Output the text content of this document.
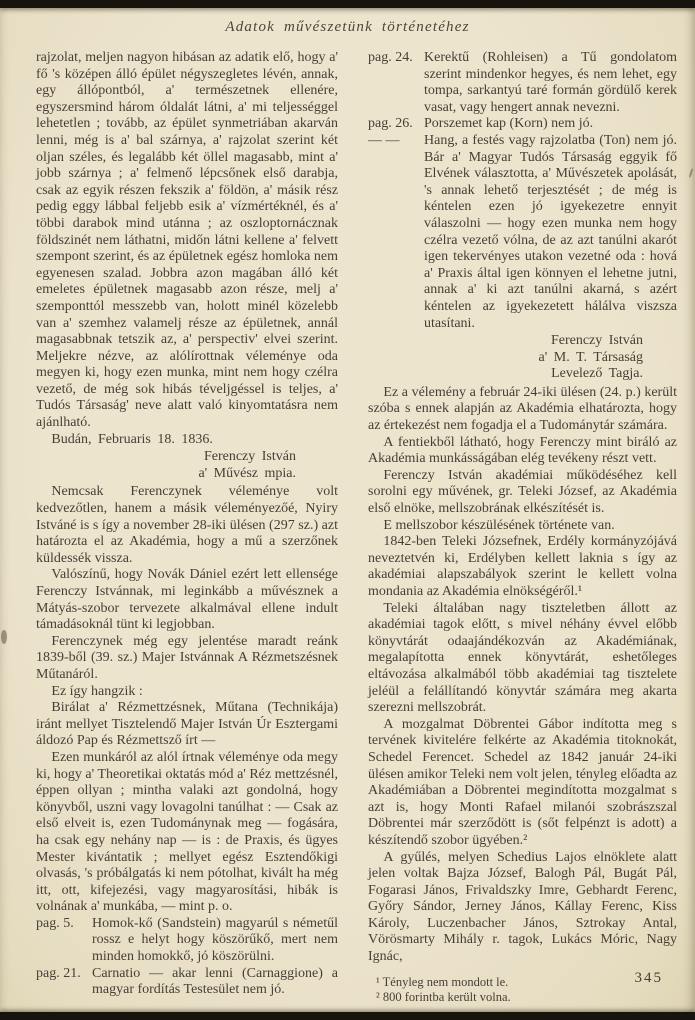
Adatok művészetünk történetéhez

rajzolat, meljen nagyon hibásan az adatik elő, hogy a' fő 's középen álló épület négyszegletes lévén, annak, egy állópontból, a' természetnek ellenére, egyszersmind három óldalát látni, a' mi teljességgel lehetetlen ; tovább, az épület synmetriában akarván lenni, még is a' bal szárnya, a' rajzolat szerint két oljan széles, és legalább két öllel magasabb, mint a' jobb szárnya ; a' felmenő lépcsőnek első darabja, csak az egyik részen fekszik a' földön, a' másik rész pedig eggy lábbal feljebb esik a' vízmértéknél, és a' többi darabok mind utánna ; az oszloptornácznak földszinét nem láthatni, midőn látni kellene a' felvett szempont szerint, és az épületnek egész homloka nem egyenesen szalad. Jobbra azon magában álló két emeletes épületnek magasabb azon része, melj a' szemponttól messzebb van, holott minél közelebb van a' szemhez valamelj része az épületnek, annál magasabbnak tetszik az, a' perspectiv' elvei szerint. Meljekre nézve, az alólírottnak véleménye oda megyen ki, hogy ezen munka, mint nem hogy czélra vezető, de még sok hibás téveljgéssel is teljes, a' Tudós Társaság' neve alatt való kinyomtatásra nem ajánlható.

Budán, Februaris 18. 1836.

Ferenczy István
a' Művész mpia.

Nemcsak Ferenczynek véleménye volt kedvezőtlen, hanem a másik véleményezőé, Nyiry Istváné is s így a november 28-iki ülésen (297 sz.) azt határozta el az Akadémia, hogy a mű a szerzőnek küldessék vissza.

Valószínű, hogy Novák Dániel ezért lett ellensége Ferenczy Istvánnak, mi leginkább a művésznek a Mátyás-szobor tervezete alkalmával ellene indult támadásoknál tünt ki legjobban.

Ferenczynek még egy jelentése maradt reánk 1839-ből (39. sz.) Majer Istvánnak A Rézmetszésnek Műtanáról.

Ez így hangzik :

Birálat a' Rézmettzésnek, Műtana (Technikája) iránt mellyet Tisztelendő Majer István Úr Esztergami áldozó Pap és Rézmettsző írt —

Ezen munkáról az alól írtnak véleménye oda megy ki, hogy a' Theoretikai oktatás mód a' Réz mettzésnél, éppen ollyan ; mintha valaki azt gondolná, hogy könyvből, uszni vagy lovagolni tanúlhat : — Csak az első elveit is, ezen Tudománynak meg — fogására, ha csak egy nehány nap — is : de Praxis, és ügyes Mester kivántatik ; mellyet egész Esztendőkigi olvasás, 's próbálgatás ki nem pótolhat, kivált ha még itt, ott, kifejezési, vagy magyarosítási, hibák is volnának a' munkába, — mint p. o.

pag. 5.	Homok-kő (Sandstein) magyarúl s németűl rossz e helyt hogy köszörűkő, mert nem minden homokkő, jó köszörülni.
pag. 21. Carnatio — akar lenni (Carnaggione) a magyar fordítás Testesület nem jó.
pag. 24. Kerektű (Rohleisen) a Tű gondolatom szerint mindenkor hegyes, és nem lehet, egy tompa, sarkantyú taré formán gördülő kerek vasat, vagy hengert annak nevezni.
pag. 26. Porszemet kap (Korn) nem jó.
— —	Hang, a festés vagy rajzolatba (Ton) nem jó. Bár a' Magyar Tudós Társaság eggyik fő Elvének választotta, a' Művészetek apolását, 's annak lehető terjesztését ; de még is kéntelen ezen jó igyekezetre ennyit válaszolni — hogy ezen munka nem hogy czélra vezető vólna, de az azt tanúlni akarót igen tekervényes utakon vezetné oda : hová a' Praxis által igen könnyen el lehetne jutni, annak a' ki azt tanúlni akarná, s azért kéntelen az igyekezetett hálálva viszsza utasítani.
Ferenczy István
a' M. T. Társaság
Levelező Tagja.

Ez a vélemény a február 24-iki ülésen (24. p.) került szóba s ennek alapján az Akadémia elhatározta, hogy az értekezést nem fogadja el a Tudománytár számára.

A fentiekből látható, hogy Ferenczy mint biráló az Akadémia munkásságában elég tevékeny részt vett.

Ferenczy István akadémiai működéséhez kell sorolni egy művének, gr. Teleki József, az Akadémia első elnöke, mellszobrának elkészítését is.

E mellszobor készülésének története van.

1842-ben Teleki Józsefnek, Erdély kormányzójává neveztetvén ki, Erdélyben kellett laknia s így az akadémiai alapszabályok szerint le kellett volna mondania az Akadémia elnökségéről.¹

Teleki általában nagy tiszteletben állott az akadémiai tagok előtt, s mivel néhány évvel előbb könyvtárát odaajándékozván az Akadémiának, megalapította ennek könyvtárát, eshetőleges eltávozása alkalmából több akadémiai tag tisztelete jeléül a felállítandó könyvtár számára meg akarta szerezni mellszobrát.

A mozgalmat Döbrentei Gábor indította meg s tervének kivitelére felkérte az Akadémia titoknokát, Schedel Ferencet. Schedel az 1842 január 24-iki ülésen amikor Teleki nem volt jelen, tényleg előadta az Akadémiában a Döbrentei megindította mozgalmat s azt is, hogy Monti Rafael milanói szobrászszal Döbrentei már szerződött is (sőt felpénzt is adott) a készítendő szobor ügyében.²

A gyűlés, melyen Schedius Lajos elnöklete alatt jelen voltak Bajza József, Balogh Pál, Bugát Pál, Fogarasi János, Frivaldszky Imre, Gebhardt Ferenc, Győry Sándor, Jerney János, Kállay Ferenc, Kiss Károly, Luczenbacher János, Sztrokay Antal, Vörösmarty Mihály r. tagok, Lukács Móric, Nagy Ignác,

¹ Tényleg nem mondott le.
² 800 forintba került volna.
345
